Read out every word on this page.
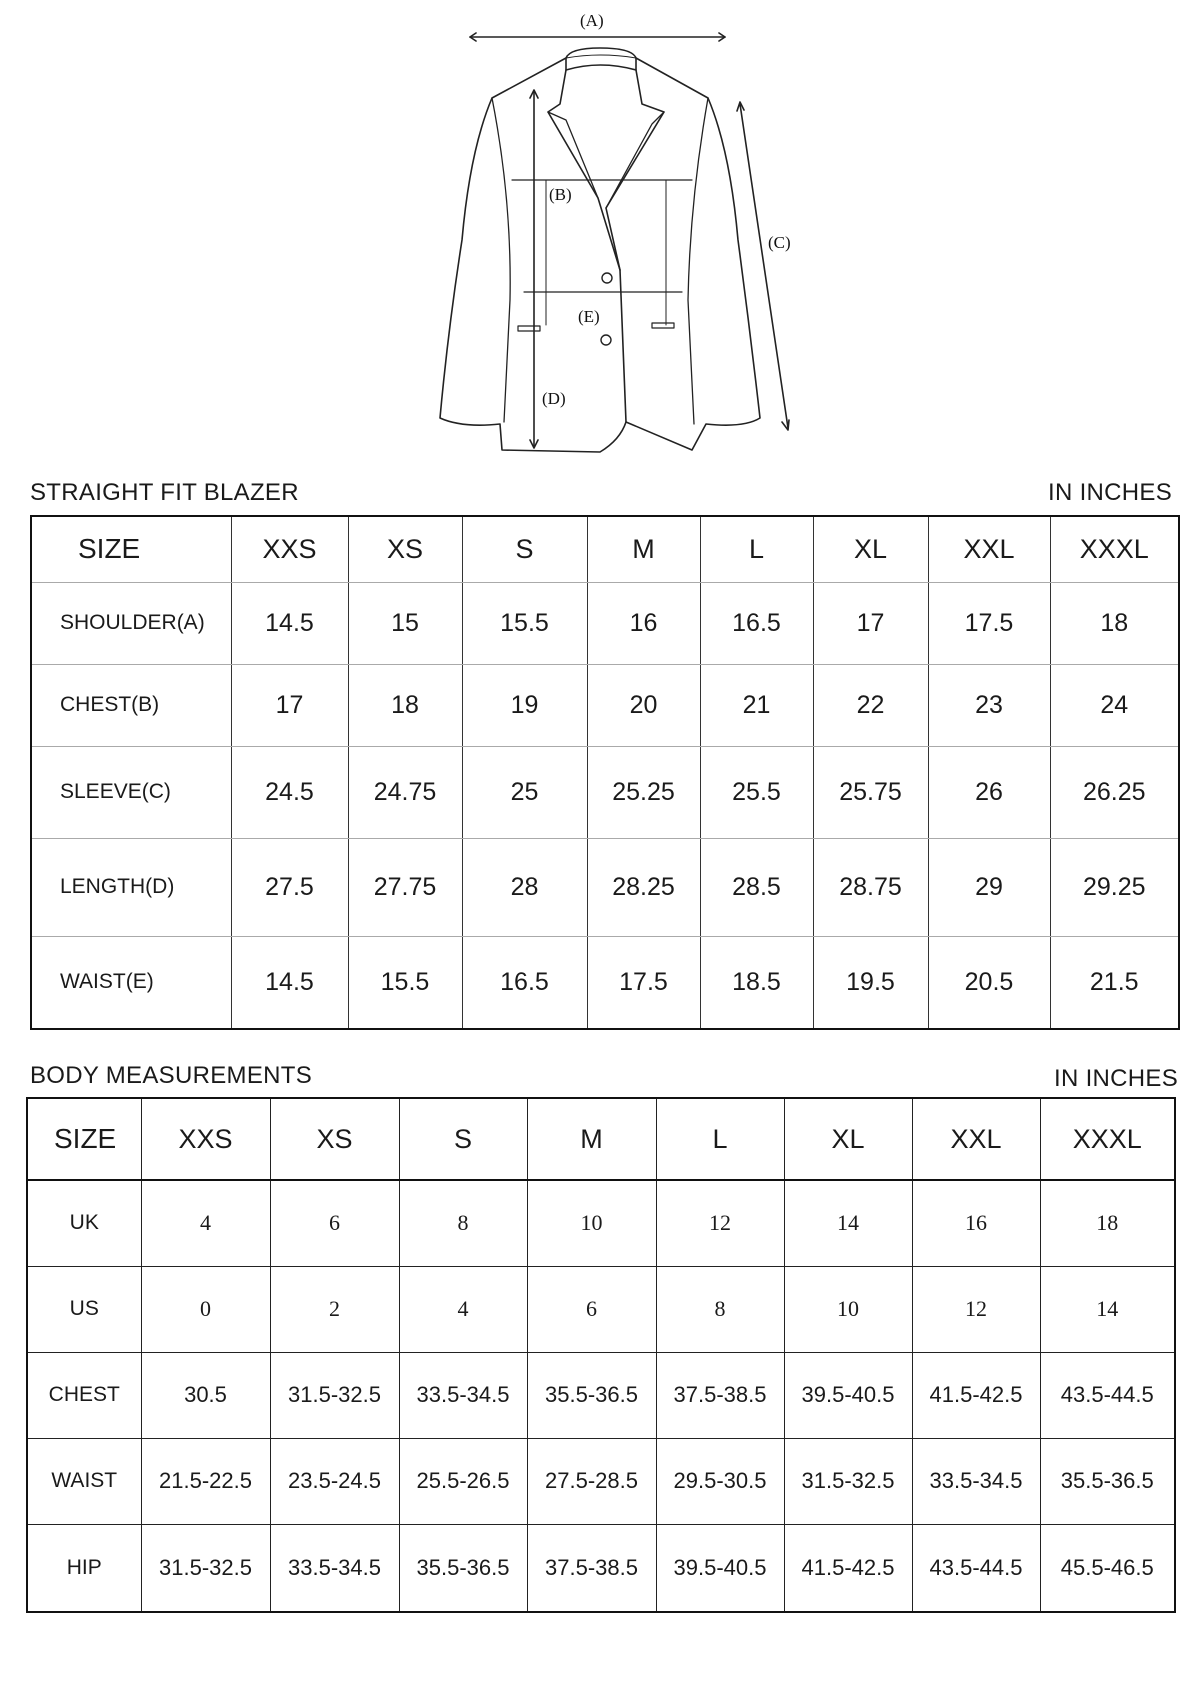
(A)
(B)
(C)
(D)
(E)
STRAIGHT FIT BLAZER	IN INCHES
SIZE	XXS	XS	S	M	L	XL	XXL	XXXL
SHOULDER(A)	14.5	15	15.5	16	16.5	17	17.5	18
CHEST(B)	17	18	19	20	21	22	23	24
SLEEVE(C)	24.5	24.75	25	25.25	25.5	25.75	26	26.25
LENGTH(D)	27.5	27.75	28	28.25	28.5	28.75	29	29.25
WAIST(E)	14.5	15.5	16.5	17.5	18.5	19.5	20.5	21.5
BODY MEASUREMENTS	IN INCHES
SIZE	XXS	XS	S	M	L	XL	XXL	XXXL
UK	4	6	8	10	12	14	16	18
US	0	2	4	6	8	10	12	14
CHEST	30.5	31.5-32.5	33.5-34.5	35.5-36.5	37.5-38.5	39.5-40.5	41.5-42.5	43.5-44.5
WAIST	21.5-22.5	23.5-24.5	25.5-26.5	27.5-28.5	29.5-30.5	31.5-32.5	33.5-34.5	35.5-36.5
HIP	31.5-32.5	33.5-34.5	35.5-36.5	37.5-38.5	39.5-40.5	41.5-42.5	43.5-44.5	45.5-46.5
